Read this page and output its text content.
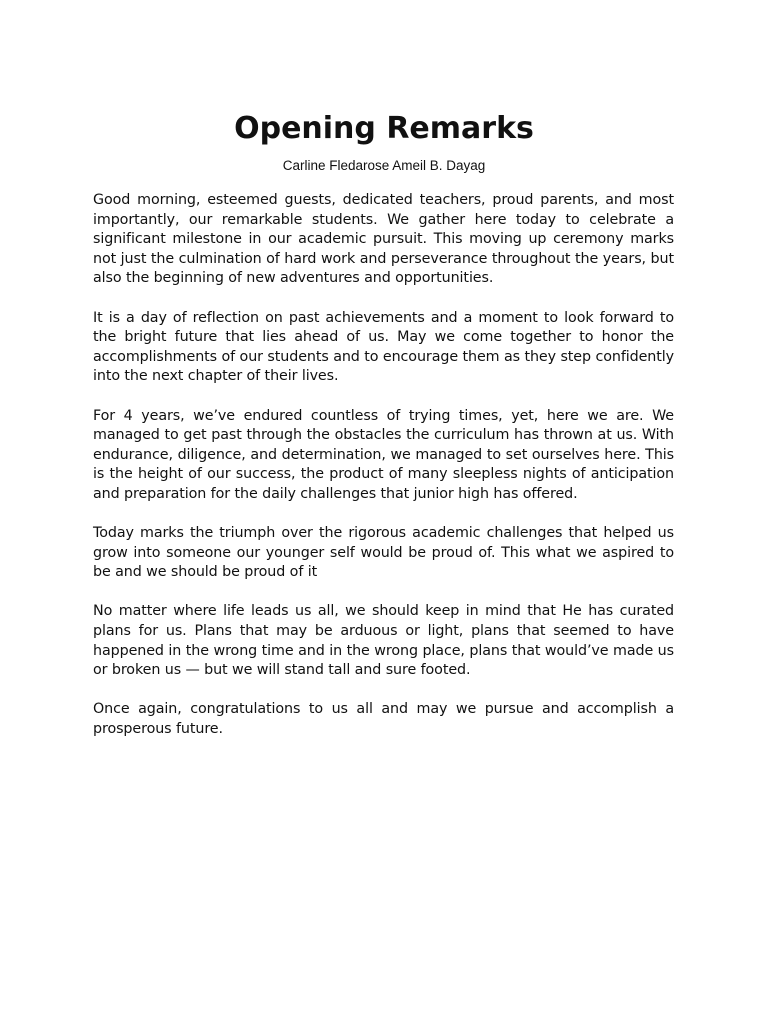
Opening Remarks

Carline Fledarose Ameil B. Dayag

Good morning, esteemed guests, dedicated teachers, proud parents, and most importantly, our remarkable students. We gather here today to celebrate a significant milestone in our academic pursuit. This moving up ceremony marks not just the culmination of hard work and perseverance throughout the years, but also the beginning of new adventures and opportunities.

It is a day of reflection on past achievements and a moment to look forward to the bright future that lies ahead of us. May we come together to honor the accomplishments of our students and to encourage them as they step confidently into the next chapter of their lives.

For 4 years, we’ve endured countless of trying times, yet, here we are. We managed to get past through the obstacles the curriculum has thrown at us. With endurance, diligence, and determination, we managed to set ourselves here. This is the height of our success, the product of many sleepless nights of anticipation and preparation for the daily challenges that junior high has offered.

Today marks the triumph over the rigorous academic challenges that helped us grow into someone our younger self would be proud of. This what we aspired to be and we should be proud of it

No matter where life leads us all, we should keep in mind that He has curated plans for us. Plans that may be arduous or light, plans that seemed to have happened in the wrong time and in the wrong place, plans that would’ve made us or broken us — but we will stand tall and sure footed.

Once again, congratulations to us all and may we pursue and accomplish a prosperous future.
